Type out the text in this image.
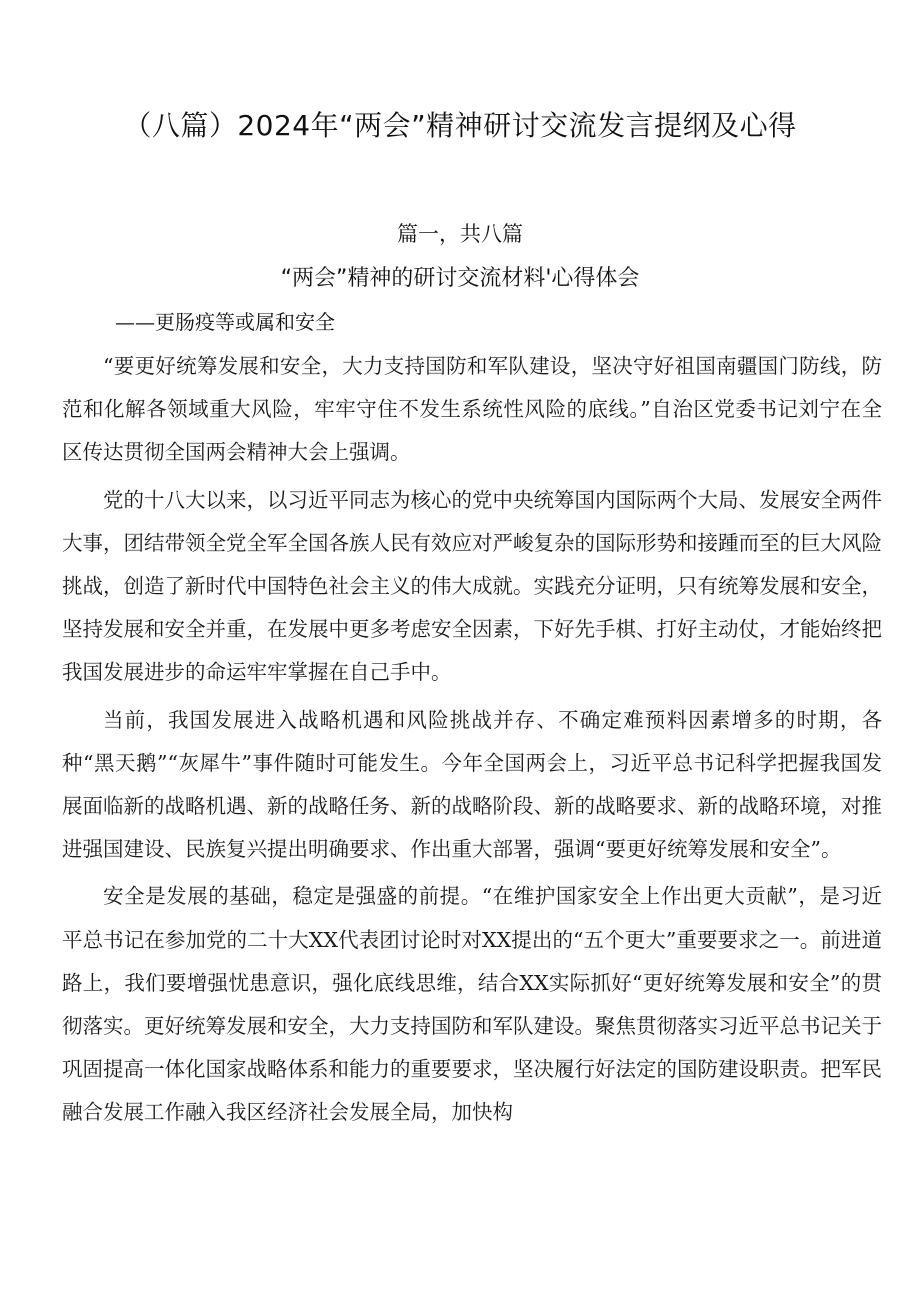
（八篇）2024年“两会”精神研讨交流发言提纲及心得
篇一，共八篇
“两会”精神的研讨交流材料'心得体会
——更肠疫等或属和安全

“要更好统筹发展和安全，大力支持国防和军队建设，坚决守好祖国南疆国门防线，防范和化解各领域重大风险，牢牢守住不发生系统性风险的底线。”自治区党委书记刘宁在全区传达贯彻全国两会精神大会上强调。

党的十八大以来，以习近平同志为核心的党中央统筹国内国际两个大局、发展安全两件大事，团结带领全党全军全国各族人民有效应对严峻复杂的国际形势和接踵而至的巨大风险挑战，创造了新时代中国特色社会主义的伟大成就。实践充分证明，只有统筹发展和安全，坚持发展和安全并重，在发展中更多考虑安全因素，下好先手棋、打好主动仗，才能始终把我国发展进步的命运牢牢掌握在自己手中。

当前，我国发展进入战略机遇和风险挑战并存、不确定难预料因素增多的时期，各种“黑天鹅”“灰犀牛”事件随时可能发生。今年全国两会上，习近平总书记科学把握我国发展面临新的战略机遇、新的战略任务、新的战略阶段、新的战略要求、新的战略环境，对推进强国建设、民族复兴提出明确要求、作出重大部署，强调“要更好统筹发展和安全”。

安全是发展的基础，稳定是强盛的前提。“在维护国家安全上作出更大贡献”，是习近平总书记在参加党的二十大XX代表团讨论时对XX提出的“五个更大”重要要求之一。前进道路上，我们要增强忧患意识，强化底线思维，结合XX实际抓好“更好统筹发展和安全”的贯彻落实。更好统筹发展和安全，大力支持国防和军队建设。聚焦贯彻落实习近平总书记关于巩固提高一体化国家战略体系和能力的重要要求，坚决履行好法定的国防建设职责。把军民融合发展工作融入我区经济社会发展全局，加快构
